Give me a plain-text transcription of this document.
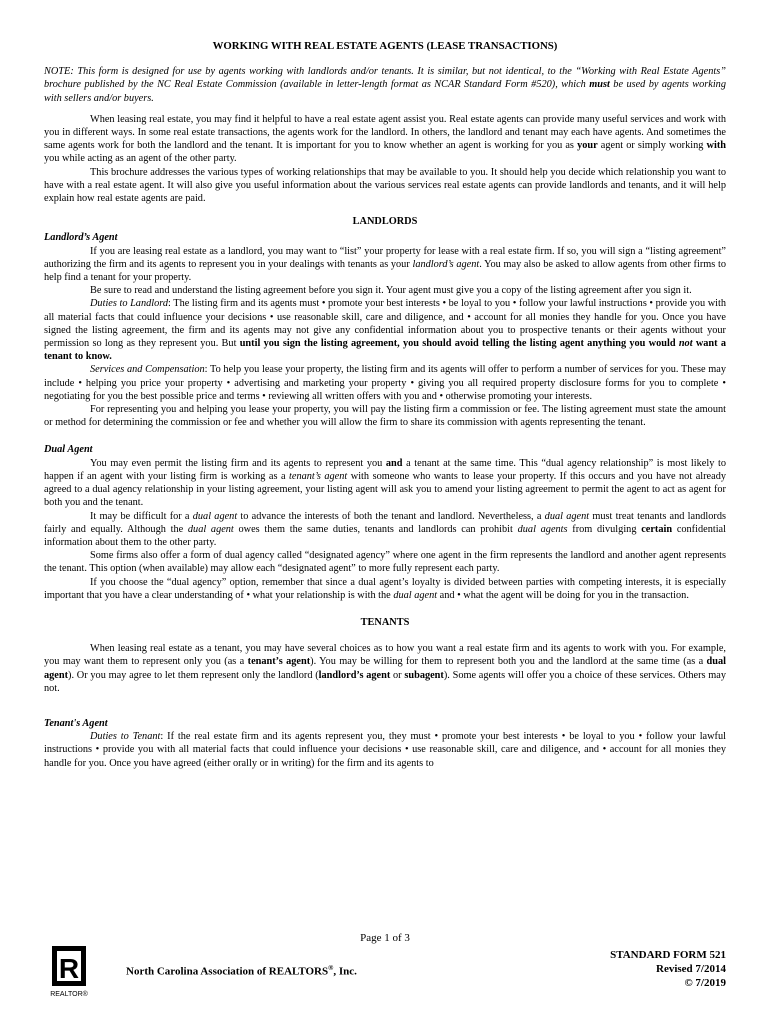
WORKING WITH REAL ESTATE AGENTS (LEASE TRANSACTIONS)

NOTE: This form is designed for use by agents working with landlords and/or tenants. It is similar, but not identical, to the “Working with Real Estate Agents” brochure published by the NC Real Estate Commission (available in letter-length format as NCAR Standard Form #520), which must be used by agents working with sellers and/or buyers.

When leasing real estate, you may find it helpful to have a real estate agent assist you. Real estate agents can provide many useful services and work with you in different ways. In some real estate transactions, the agents work for the landlord. In others, the landlord and tenant may each have agents. And sometimes the same agents work for both the landlord and the tenant. It is important for you to know whether an agent is working for you as your agent or simply working with you while acting as an agent of the other party.

This brochure addresses the various types of working relationships that may be available to you. It should help you decide which relationship you want to have with a real estate agent. It will also give you useful information about the various services real estate agents can provide landlords and tenants, and it will help explain how real estate agents are paid.

LANDLORDS
Landlord’s Agent

If you are leasing real estate as a landlord, you may want to “list” your property for lease with a real estate firm. If so, you will sign a “listing agreement” authorizing the firm and its agents to represent you in your dealings with tenants as your landlord’s agent. You may also be asked to allow agents from other firms to help find a tenant for your property.

Be sure to read and understand the listing agreement before you sign it. Your agent must give you a copy of the listing agreement after you sign it.

Duties to Landlord: The listing firm and its agents must • promote your best interests • be loyal to you • follow your lawful instructions • provide you with all material facts that could influence your decisions • use reasonable skill, care and diligence, and • account for all monies they handle for you. Once you have signed the listing agreement, the firm and its agents may not give any confidential information about you to prospective tenants or their agents without your permission so long as they represent you. But until you sign the listing agreement, you should avoid telling the listing agent anything you would not want a tenant to know.

Services and Compensation: To help you lease your property, the listing firm and its agents will offer to perform a number of services for you. These may include • helping you price your property • advertising and marketing your property • giving you all required property disclosure forms for you to complete • negotiating for you the best possible price and terms • reviewing all written offers with you and • otherwise promoting your interests.

For representing you and helping you lease your property, you will pay the listing firm a commission or fee. The listing agreement must state the amount or method for determining the commission or fee and whether you will allow the firm to share its commission with agents representing the tenant.

Dual Agent

You may even permit the listing firm and its agents to represent you and a tenant at the same time. This “dual agency relationship” is most likely to happen if an agent with your listing firm is working as a tenant’s agent with someone who wants to lease your property. If this occurs and you have not already agreed to a dual agency relationship in your listing agreement, your listing agent will ask you to amend your listing agreement to permit the agent to act as agent for both you and the tenant.

It may be difficult for a dual agent to advance the interests of both the tenant and landlord. Nevertheless, a dual agent must treat tenants and landlords fairly and equally. Although the dual agent owes them the same duties, tenants and landlords can prohibit dual agents from divulging certain confidential information about them to the other party.

Some firms also offer a form of dual agency called “designated agency” where one agent in the firm represents the landlord and another agent represents the tenant. This option (when available) may allow each “designated agent” to more fully represent each party.

If you choose the “dual agency” option, remember that since a dual agent’s loyalty is divided between parties with competing interests, it is especially important that you have a clear understanding of • what your relationship is with the dual agent and • what the agent will be doing for you in the transaction.

TENANTS

When leasing real estate as a tenant, you may have several choices as to how you want a real estate firm and its agents to work with you. For example, you may want them to represent only you (as a tenant’s agent). You may be willing for them to represent both you and the landlord at the same time (as a dual agent). Or you may agree to let them represent only the landlord (landlord’s agent or subagent). Some agents will offer you a choice of these services. Others may not.

Tenant's Agent

Duties to Tenant: If the real estate firm and its agents represent you, they must • promote your best interests • be loyal to you • follow your lawful instructions • provide you with all material facts that could influence your decisions • use reasonable skill, care and diligence, and • account for all monies they handle for you. Once you have agreed (either orally or in writing) for the firm and its agents to

Page 1 of 3
R
REALTOR®
North Carolina Association of REALTORS®, Inc.
STANDARD FORM 521
Revised 7/2014
© 7/2019
